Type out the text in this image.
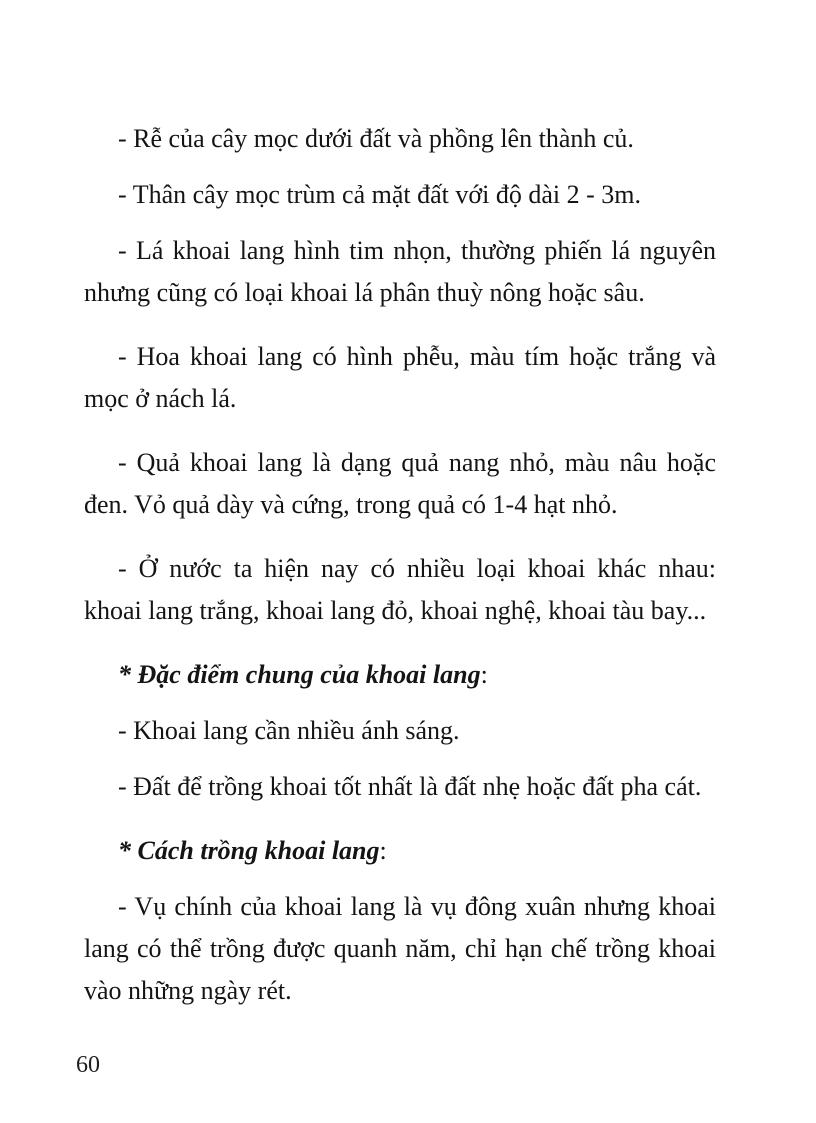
- Rễ của cây mọc dưới đất và phồng lên thành củ.

- Thân cây mọc trùm cả mặt đất với độ dài 2 - 3m.

- Lá khoai lang hình tim nhọn, thường phiến lá nguyên nhưng cũng có loại khoai lá phân thuỳ nông hoặc sâu.

- Hoa khoai lang có hình phễu, màu tím hoặc trắng và mọc ở nách lá.

- Quả khoai lang là dạng quả nang nhỏ, màu nâu hoặc đen. Vỏ quả dày và cứng, trong quả có 1-4 hạt nhỏ.

- Ở nước ta hiện nay có nhiều loại khoai khác nhau: khoai lang trắng, khoai lang đỏ, khoai nghệ, khoai tàu bay...

* Đặc điểm chung của khoai lang:

- Khoai lang cần nhiều ánh sáng.

- Đất để trồng khoai tốt nhất là đất nhẹ hoặc đất pha cát.

* Cách trồng khoai lang:

- Vụ chính của khoai lang là vụ đông xuân nhưng khoai lang có thể trồng được quanh năm, chỉ hạn chế trồng khoai vào những ngày rét.

60
